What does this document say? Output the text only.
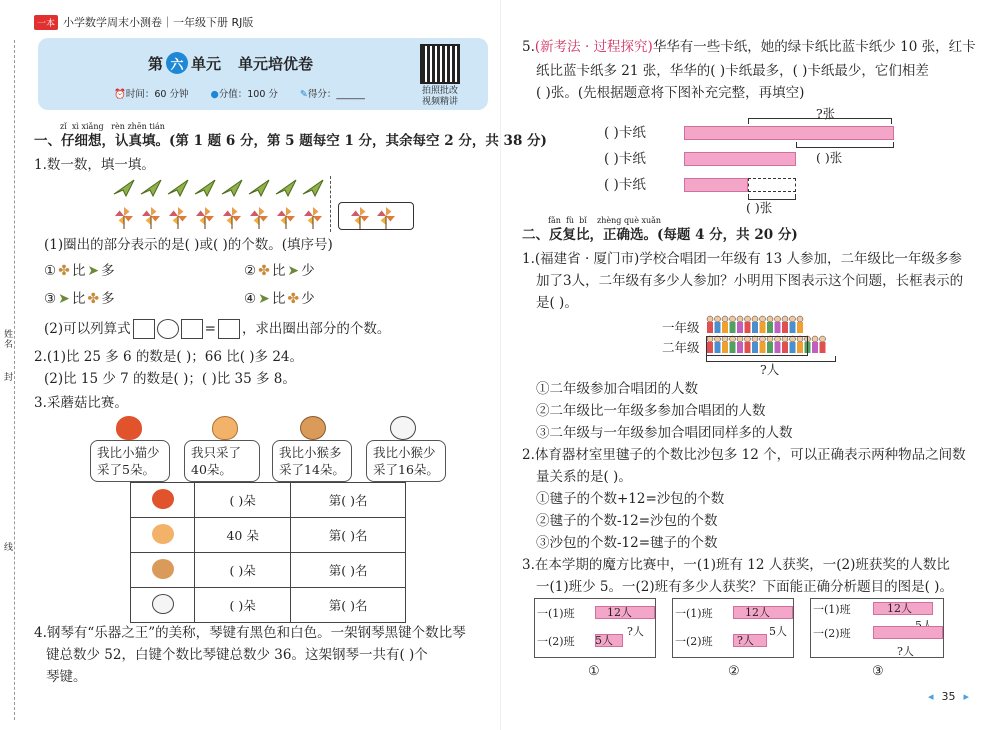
一本 小学数学周末小测卷｜一年级下册 RJ版
姓名
封
线
第 六 单元 单元培优卷
⏰时间：60 分钟 ●分值：100 分 ✎得分：______	拍照批改
视频精讲
zǐ  xì xiǎng   rèn zhēn tián
一、仔细想，认真填。(第 1 题 6 分，第 5 题每空 1 分，其余每空 2 分，共 38 分)
1.数一数，填一填。
(1)圈出的部分表示的是( )或( )的个数。(填序号)
① ✤ 比 ➤ 多	② ✤ 比 ➤ 少
③ ➤ 比 ✤ 多	④ ➤ 比 ✤ 少
(2)可以列算式	= ，求出圈出部分的个数。
2.(1)比 25 多 6 的数是( )；66 比( )多 24。
(2)比 15 少 7 的数是( )；( )比 35 多 8。
3.采蘑菇比赛。
我比小猫少采了5朵。
我只采了40朵。
我比小猴多采了14朵。
我比小猴少采了16朵。
	( )朵	第( )名
	40 朵	第( )名
	( )朵	第( )名
	( )朵	第( )名
4.钢琴有“乐器之王”的美称，琴键有黑色和白色。一架钢琴黑键个数比琴
键总数少 52，白键个数比琴键总数少 36。这架钢琴一共有( )个
琴键。
5.(新考法 · 过程探究)华华有一些卡纸，她的绿卡纸比蓝卡纸少 10 张，红卡
纸比蓝卡纸多 21 张，华华的( )卡纸最多，( )卡纸最少，它们相差
( )张。(先根据题意将下图补充完整，再填空)
?张
( )卡纸
( )卡纸	( )张
( )卡纸
( )张
fǎn  fù  bǐ    zhèng què xuǎn
二、反复比，正确选。(每题 4 分，共 20 分)
1.(福建省 · 厦门市)学校合唱团一年级有 13 人参加，二年级比一年级多参
加了3人，二年级有多少人参加？小明用下图表示这个问题，长框表示的
是( )。
一年级
二年级
?人
①二年级参加合唱团的人数
②二年级比一年级多参加合唱团的人数
③二年级与一年级参加合唱团同样多的人数
2.体育器材室里毽子的个数比沙包多 12 个，可以正确表示两种物品之间数
量关系的是( )。
①毽子的个数+12=沙包的个数
②毽子的个数-12=沙包的个数
③沙包的个数-12=毽子的个数
3.在本学期的魔方比赛中，一(1)班有 12 人获奖，一(2)班获奖的人数比
一(1)班少 5。一(2)班有多少人获奖？下面能正确分析题目的图是( )。
一(1)班	12人
一(2)班 5人
?人
①
一(1)班	12人
一(2)班 ?人
5人
②
一(1)班	12人
一(2)班
?人
③
◂ 35 ▸
